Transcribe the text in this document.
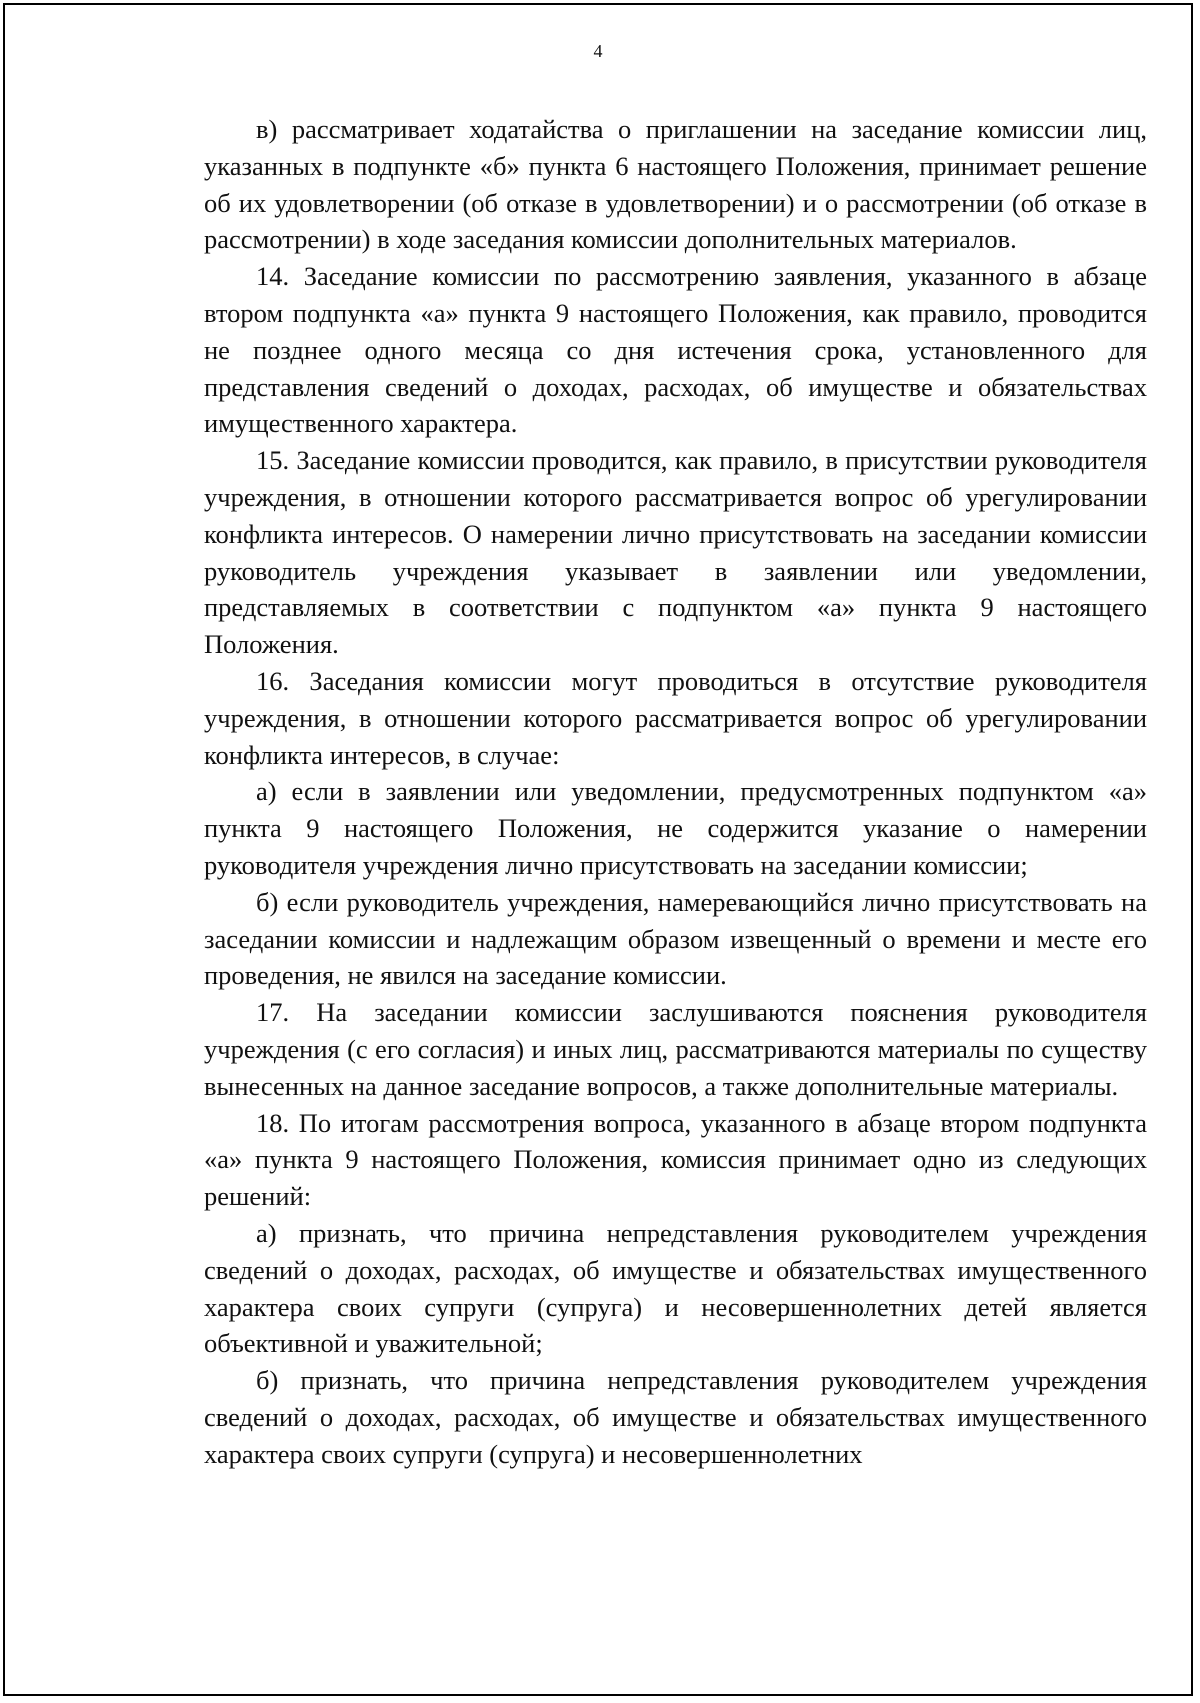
4

в) рассматривает ходатайства о приглашении на заседание комиссии лиц, указанных в подпункте «б» пункта 6 настоящего Положения, принимает решение об их удовлетворении (об отказе в удовлетворении) и о рассмотрении (об отказе в рассмотрении) в ходе заседания комиссии дополнительных материалов.

14. Заседание комиссии по рассмотрению заявления, указанного в абзаце втором подпункта «а» пункта 9 настоящего Положения, как правило, проводится не позднее одного месяца со дня истечения срока, установленного для представления сведений о доходах, расходах, об имуществе и обязательствах имущественного характера.

15. Заседание комиссии проводится, как правило, в присутствии руководителя учреждения, в отношении которого рассматривается вопрос об урегулировании конфликта интересов. О намерении лично присутствовать на заседании комиссии руководитель учреждения указывает в заявлении или уведомлении, представляемых в соответствии с подпунктом «а» пункта 9 настоящего Положения.

16. Заседания комиссии могут проводиться в отсутствие руководителя учреждения, в отношении которого рассматривается вопрос об урегулировании конфликта интересов, в случае:

а) если в заявлении или уведомлении, предусмотренных подпунктом «а» пункта 9 настоящего Положения, не содержится указание о намерении руководителя учреждения лично присутствовать на заседании комиссии;

б) если руководитель учреждения, намеревающийся лично присутствовать на заседании комиссии и надлежащим образом извещенный о времени и месте его проведения, не явился на заседание комиссии.

17. На заседании комиссии заслушиваются пояснения руководителя учреждения (с его согласия) и иных лиц, рассматриваются материалы по существу вынесенных на данное заседание вопросов, а также дополнительные материалы.

18. По итогам рассмотрения вопроса, указанного в абзаце втором подпункта «а» пункта 9 настоящего Положения, комиссия принимает одно из следующих решений:

а) признать, что причина непредставления руководителем учреждения сведений о доходах, расходах, об имуществе и обязательствах имущественного характера своих супруги (супруга) и несовершеннолетних детей является объективной и уважительной;

б) признать, что причина непредставления руководителем учреждения сведений о доходах, расходах, об имуществе и обязательствах имущественного характера своих супруги (супруга) и несовершеннолетних
